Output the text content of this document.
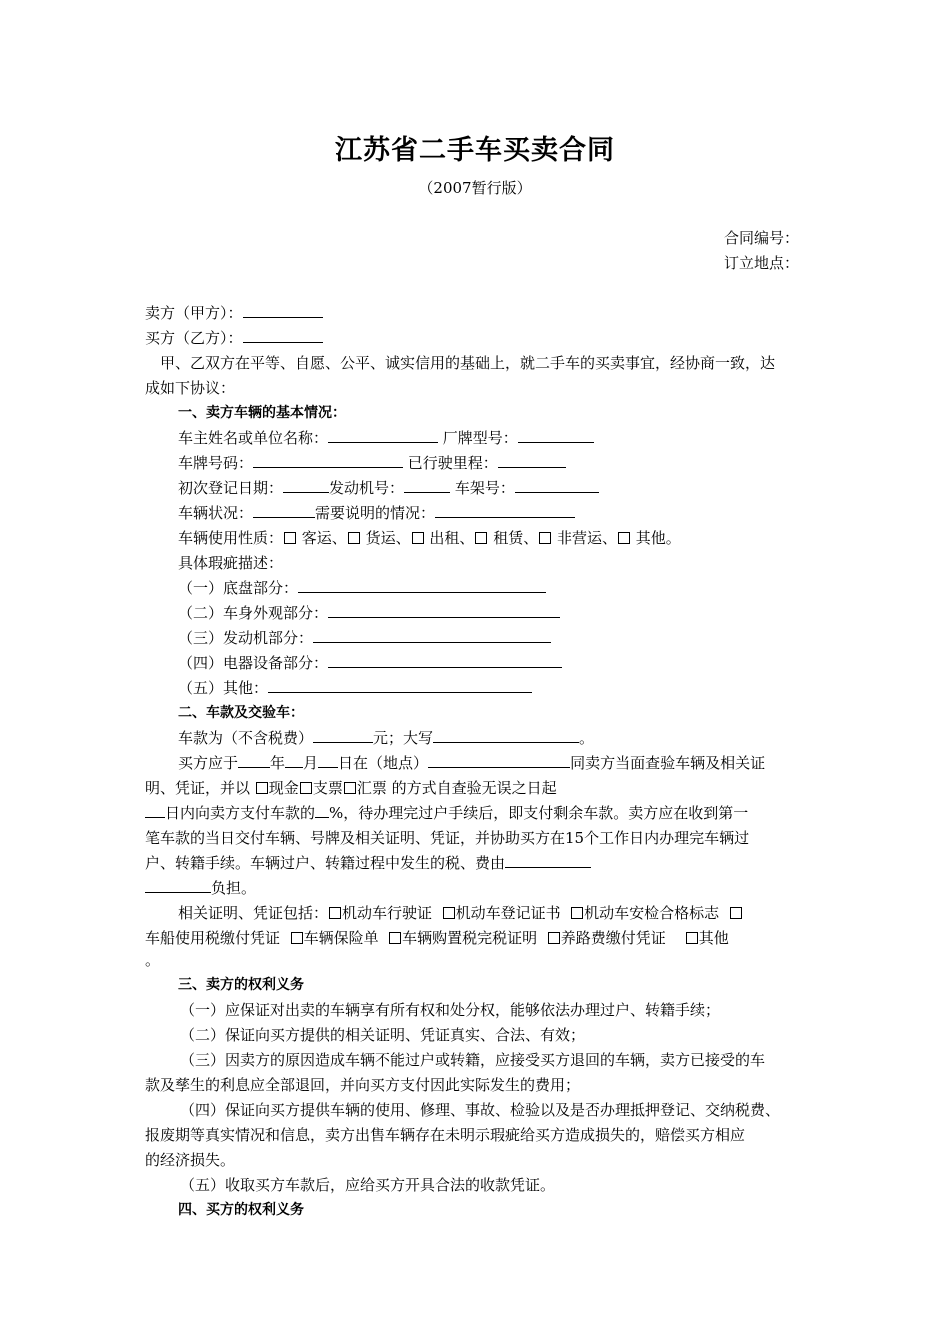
江苏省二手车买卖合同
（2007暂行版）
合同编号：
订立地点：
卖方（甲方）：
买方（乙方）：
甲、乙双方在平等、自愿、公平、诚实信用的基础上，就二手车的买卖事宜，经协商一致，达
成如下协议：
一、卖方车辆的基本情况：
车主姓名或单位名称：	厂牌型号：
车牌号码：	已行驶里程：
初次登记日期：	发动机号：	车架号：
车辆状况：	需要说明的情况：
车辆使用性质： 客运、 货运、 出租、 租赁、 非营运、 其他。
具体瑕疵描述：
（一）底盘部分：
（二）车身外观部分：
（三）发动机部分：
（四）电器设备部分：
（五）其他：
二、车款及交验车：
车款为（不含税费）	元；大写	。
买方应于 年 月 日在（地点）	同卖方当面查验车辆及相关证
明、凭证，并以 现金 支票 汇票 的方式自查验无误之日起
日内向卖方支付车款的 %，待办理完过户手续后，即支付剩余车款。卖方应在收到第一
笔车款的当日交付车辆、号牌及相关证明、凭证，并协助买方在15个工作日内办理完车辆过
户、转籍手续。车辆过户、转籍过程中发生的税、费由
负担。
相关证明、凭证包括： 机动车行驶证 机动车登记证书 机动车安检合格标志
车船使用税缴付凭证 车辆保险单 车辆购置税完税证明 养路费缴付凭证 其他
。
三、卖方的权利义务
（一）应保证对出卖的车辆享有所有权和处分权，能够依法办理过户、转籍手续；
（二）保证向买方提供的相关证明、凭证真实、合法、有效；
（三）因卖方的原因造成车辆不能过户或转籍，应接受买方退回的车辆，卖方已接受的车
款及孳生的利息应全部退回，并向买方支付因此实际发生的费用；
（四）保证向买方提供车辆的使用、修理、事故、检验以及是否办理抵押登记、交纳税费、
报废期等真实情况和信息，卖方出售车辆存在未明示瑕疵给买方造成损失的，赔偿买方相应
的经济损失。
（五）收取买方车款后，应给买方开具合法的收款凭证。
四、买方的权利义务
